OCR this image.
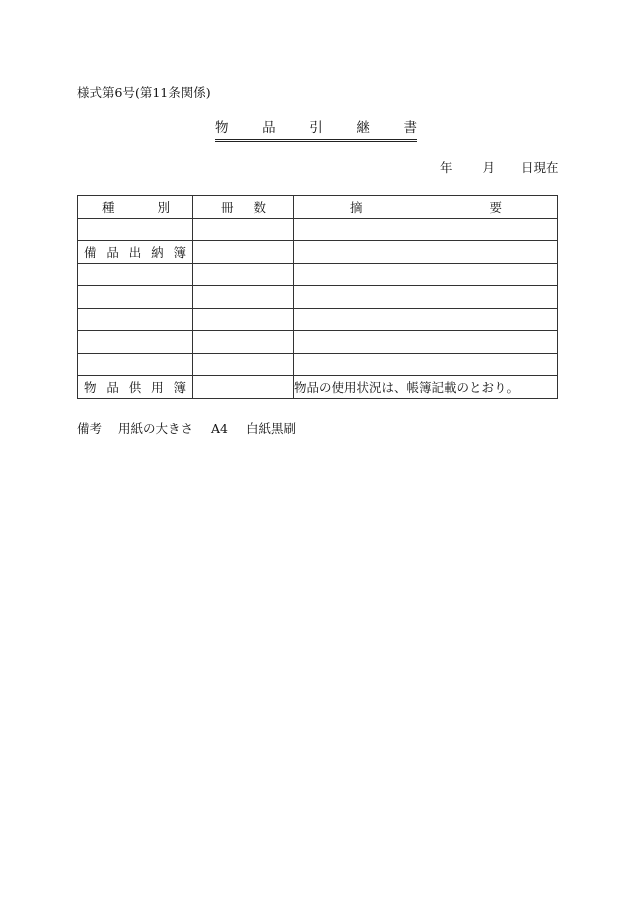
様式第6号(第11条関係)
物 品 引 継 書
年 月 日現在
種 別	冊 数	摘 要

備 品 出 納 簿		

物 品 供 用 簿		物品の使用状況は、帳簿記載のとおり。
備考 用紙の大きさ A4 白紙黒刷
